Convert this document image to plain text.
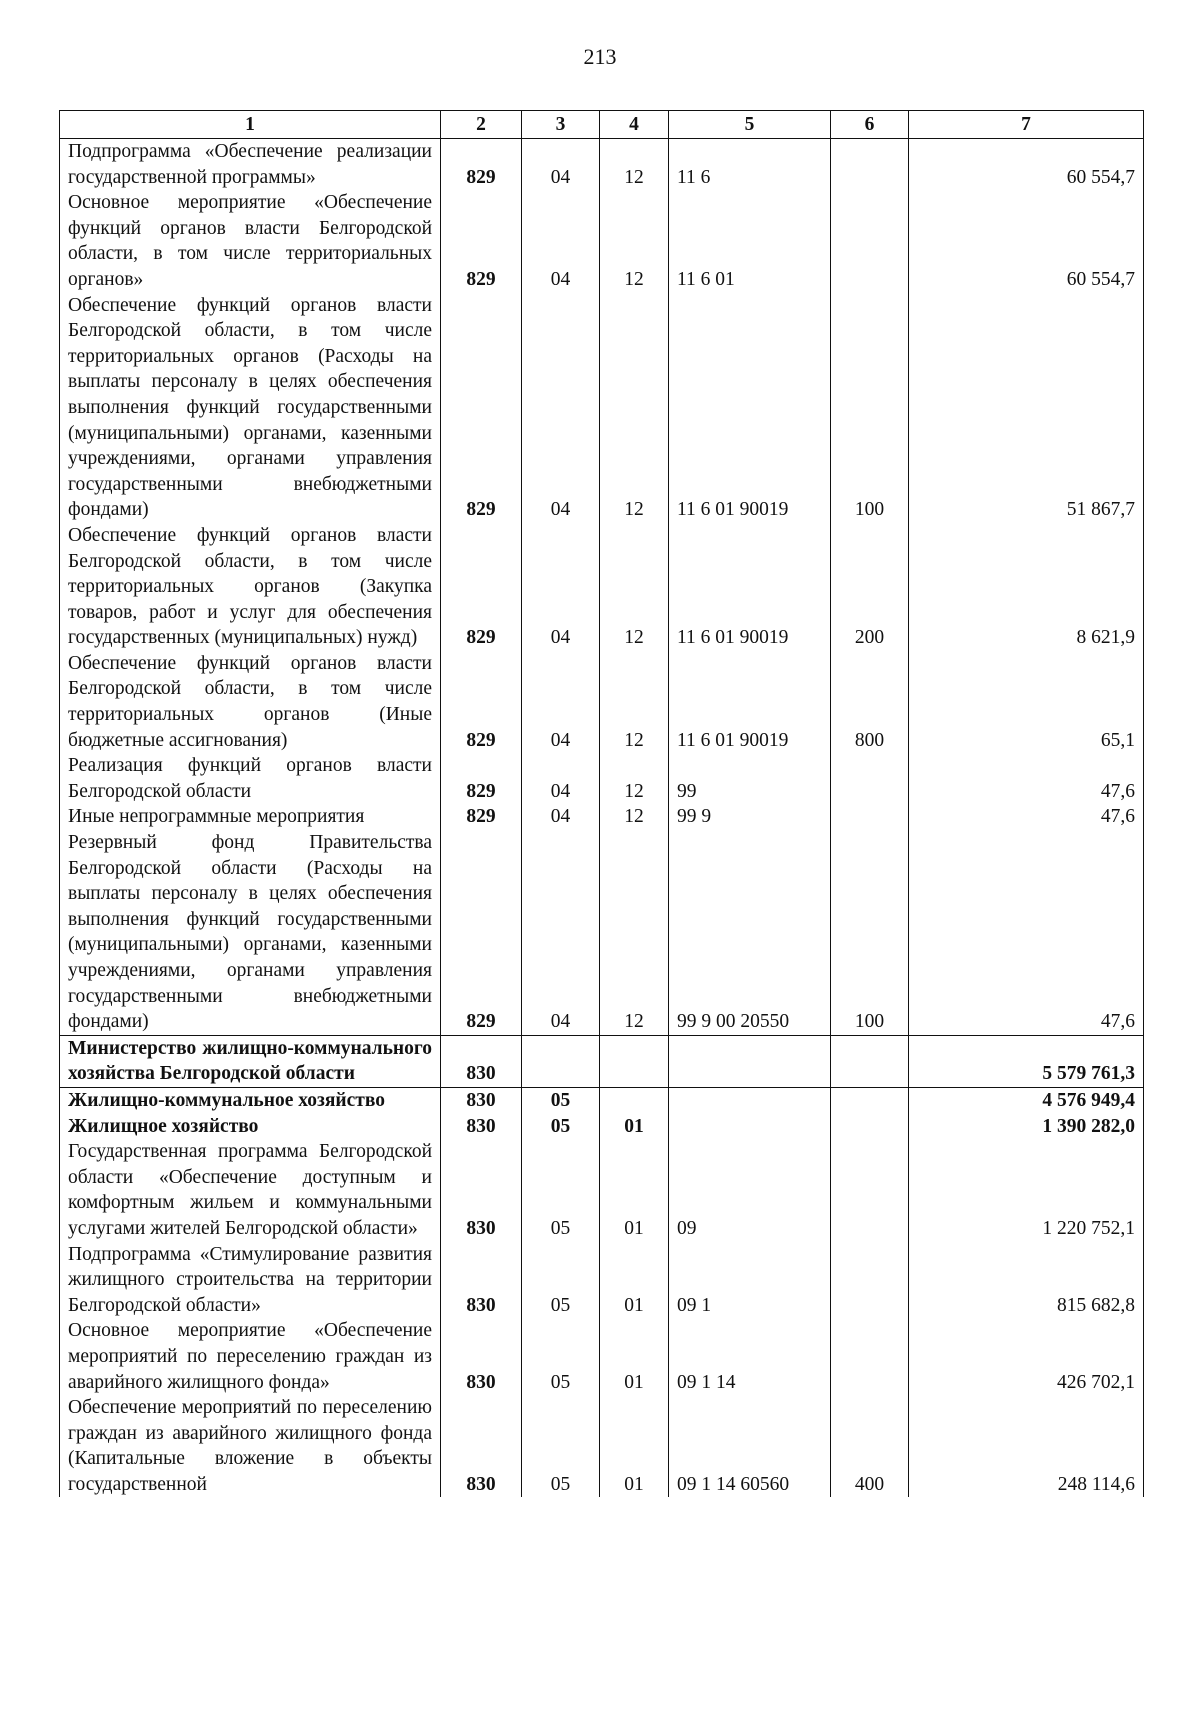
213
1	2	3	4	5	6	7
Подпрограмма «Обеспечение реализации государственной программы»	829	04	12	11 6		60 554,7
Основное мероприятие «Обеспечение функций органов власти Белгородской области, в том числе территориальных органов»	829	04	12	11 6 01		60 554,7
Обеспечение функций органов власти Белгородской области, в том числе территориальных органов (Расходы на выплаты персоналу в целях обеспечения выполнения функций государственными (муниципальными) органами, казенными учреждениями, органами управления государственными внебюджетными фондами)	829	04	12	11 6 01 90019	100	51 867,7
Обеспечение функций органов власти Белгородской области, в том числе территориальных органов (Закупка товаров, работ и услуг для обеспечения государственных (муниципальных) нужд)	829	04	12	11 6 01 90019	200	8 621,9
Обеспечение функций органов власти Белгородской области, в том числе территориальных органов (Иные бюджетные ассигнования)	829	04	12	11 6 01 90019	800	65,1
Реализация функций органов власти Белгородской области	829	04	12	99		47,6
Иные непрограммные мероприятия	829	04	12	99 9		47,6
Резервный фонд Правительства Белгородской области (Расходы на выплаты персоналу в целях обеспечения выполнения функций государственными (муниципальными) органами, казенными учреждениями, органами управления государственными внебюджетными фондами)	829	04	12	99 9 00 20550	100	47,6
Министерство жилищно-коммунального хозяйства Белгородской области	830					5 579 761,3
Жилищно-коммунальное хозяйство	830	05				4 576 949,4
Жилищное хозяйство	830	05	01			1 390 282,0
Государственная программа Белгородской области «Обеспечение доступным и комфортным жильем и коммунальными услугами жителей Белгородской области»	830	05	01	09		1 220 752,1
Подпрограмма «Стимулирование развития жилищного строительства на территории Белгородской области»	830	05	01	09 1		815 682,8
Основное мероприятие «Обеспечение мероприятий по переселению граждан из аварийного жилищного фонда»	830	05	01	09 1 14		426 702,1
Обеспечение мероприятий по переселению граждан из аварийного жилищного фонда (Капитальные вложение в объекты государственной	830	05	01	09 1 14 60560	400	248 114,6
